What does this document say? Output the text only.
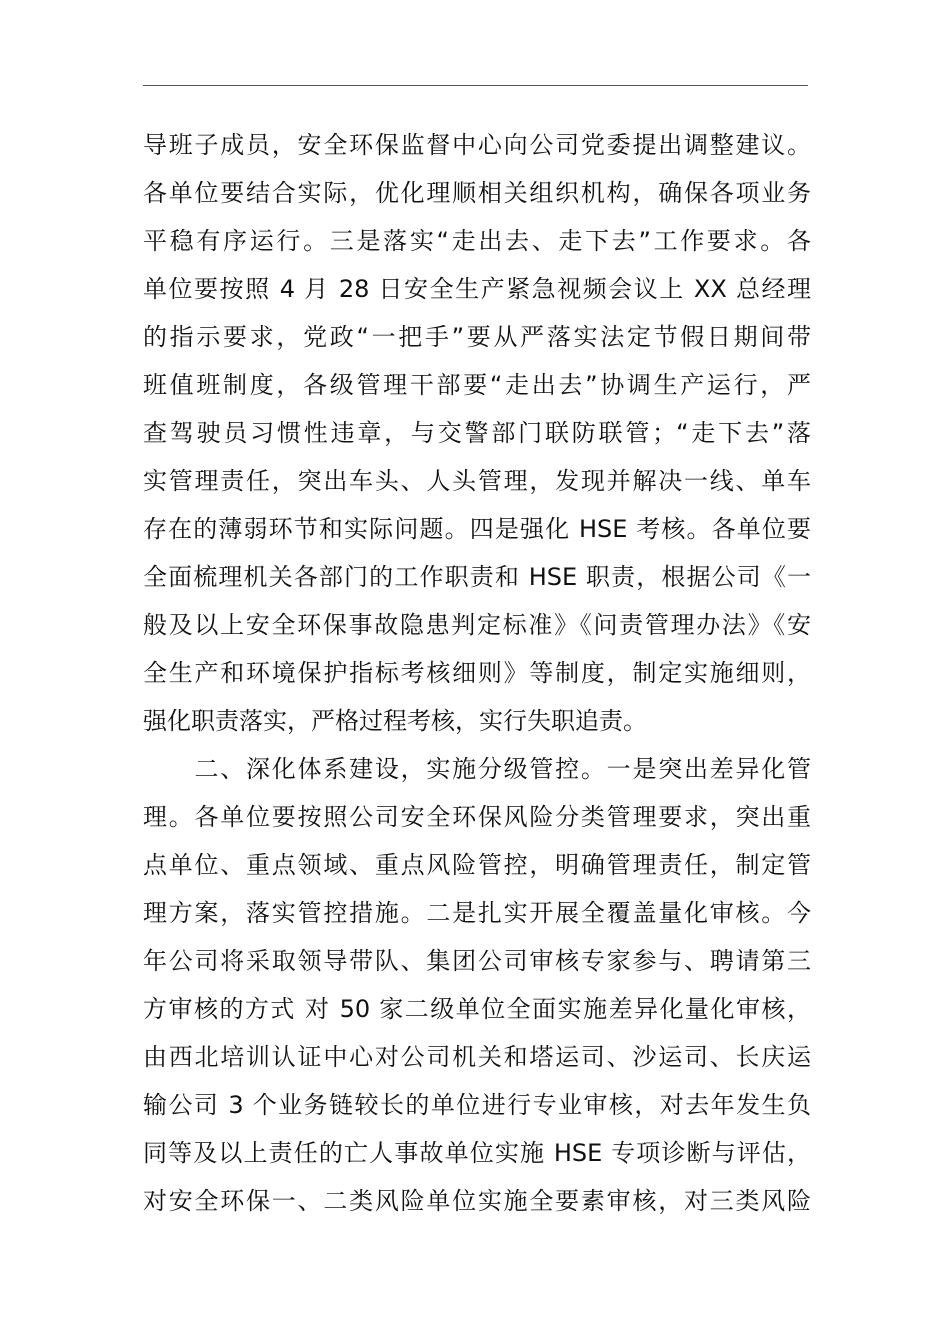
导班子成员，安全环保监督中心向公司党委提出调整建议。
各单位要结合实际，优化理顺相关组织机构，确保各项业务
平稳有序运行。三是落实“走出去、走下去”工作要求。各
单位要按照 4 月 28 日安全生产紧急视频会议上 XX 总经理
的指示要求，党政“一把手”要从严落实法定节假日期间带
班值班制度，各级管理干部要“走出去”协调生产运行，严
查驾驶员习惯性违章，与交警部门联防联管；“走下去”落
实管理责任，突出车头、人头管理，发现并解决一线、单车
存在的薄弱环节和实际问题。四是强化 HSE 考核。各单位要
全面梳理机关各部门的工作职责和 HSE 职责，根据公司《一
般及以上安全环保事故隐患判定标准》《问责管理办法》《安
全生产和环境保护指标考核细则》等制度，制定实施细则，
强化职责落实，严格过程考核，实行失职追责。
　　二、深化体系建设，实施分级管控。一是突出差异化管
理。各单位要按照公司安全环保风险分类管理要求，突出重
点单位、重点领域、重点风险管控，明确管理责任，制定管
理方案，落实管控措施。二是扎实开展全覆盖量化审核。今
年公司将采取领导带队、集团公司审核专家参与、聘请第三
方审核的方式 对 50 家二级单位全面实施差异化量化审核，
由西北培训认证中心对公司机关和塔运司、沙运司、长庆运
输公司 3 个业务链较长的单位进行专业审核，对去年发生负
同等及以上责任的亡人事故单位实施 HSE 专项诊断与评估，
对安全环保一、二类风险单位实施全要素审核，对三类风险
